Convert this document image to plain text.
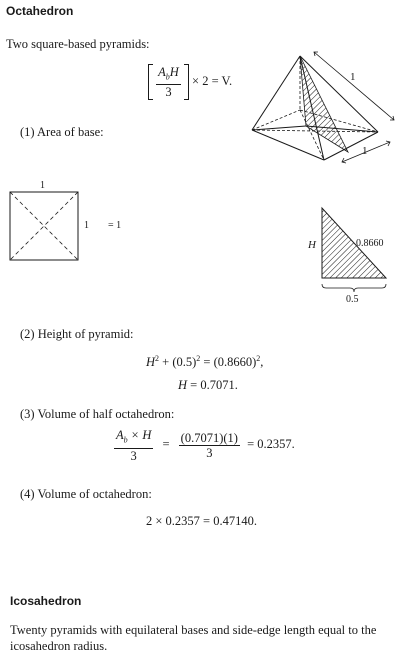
Octahedron
Two square-based pyramids:

$\frac{A_bH}{3} \times 2 = V$.	1
1
(1) Area of base:
1
1 = 1
H	0.8660
0.5
(2) Height of pyramid:
$H^2 + (0.5)^2 = (0.8660)^2$,
H = 0.7071.
(3) Volume of half octahedron:
$\frac{A_b \times H}{3} = \frac{(0.7071)(1)}{3} = 0.2357$.
(4) Volume of octahedron:
2 × 0.2357 = 0.47140.
Icosahedron
Twenty pyramids with equilateral bases and side-edge length equal to the icosahedron radius.
